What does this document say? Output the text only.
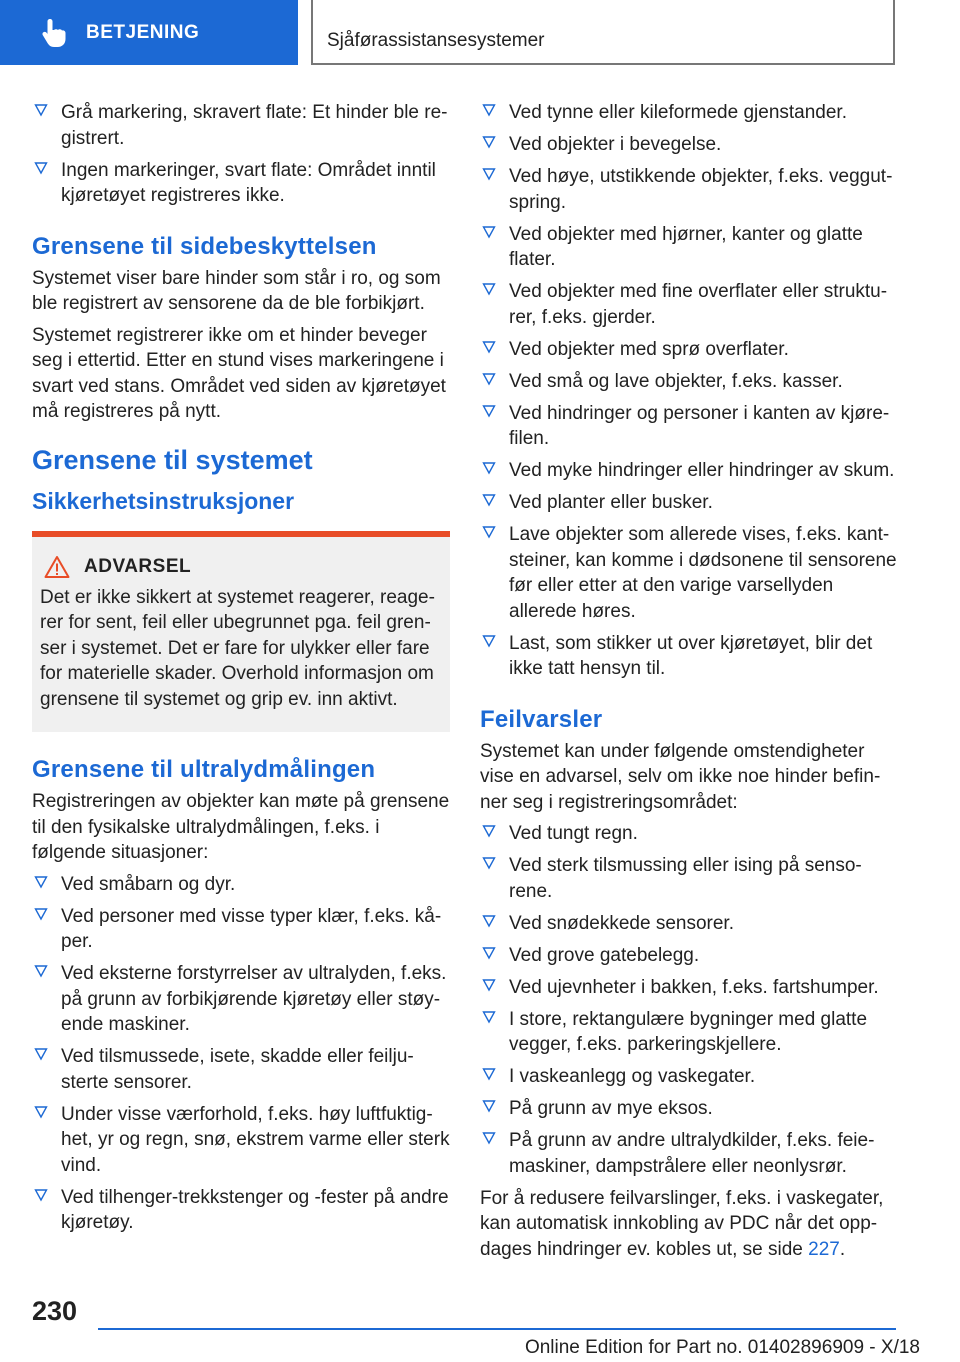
BETJENING	Sjåførassistansesystemer
Grå markering, skravert flate: Et hinder ble registrert.
Ingen markeringer, svart flate: Området inntil kjøretøyet registreres ikke.
Grensene til sidebeskyttelsen

Systemet viser bare hinder som står i ro, og som ble registrert av sensorene da de ble forbikjørt.

Systemet registrerer ikke om et hinder beveger seg i ettertid. Etter en stund vises markeringene i svart ved stans. Området ved siden av kjøretøyet må registreres på nytt.

Grensene til systemet
Sikkerhetsinstruksjoner
ADVARSEL

Det er ikke sikkert at systemet reagerer, reagerer for sent, feil eller ubegrunnet pga. feil grenser i systemet. Det er fare for ulykker eller fare for materielle skader. Overhold informasjon om grensene til systemet og grip ev. inn aktivt.

Grensene til ultralydmålingen

Registreringen av objekter kan møte på grensene til den fysikalske ultralydmålingen, f.eks. i følgende situasjoner:

Ved småbarn og dyr.
Ved personer med visse typer klær, f.eks. kåper.
Ved eksterne forstyrrelser av ultralyden, f.eks. på grunn av forbikjørende kjøretøy eller støyende maskiner.
Ved tilsmussede, isete, skadde eller feiljusterte sensorer.
Under visse værforhold, f.eks. høy luftfuktighet, yr og regn, snø, ekstrem varme eller sterk vind.
Ved tilhenger-trekkstenger og -fester på andre kjøretøy.
Ved tynne eller kileformede gjenstander.
Ved objekter i bevegelse.
Ved høye, utstikkende objekter, f.eks. veggutspring.
Ved objekter med hjørner, kanter og glatte flater.
Ved objekter med fine overflater eller strukturer, f.eks. gjerder.
Ved objekter med sprø overflater.
Ved små og lave objekter, f.eks. kasser.
Ved hindringer og personer i kanten av kjørefilen.
Ved myke hindringer eller hindringer av skum.
Ved planter eller busker.
Lave objekter som allerede vises, f.eks. kantsteiner, kan komme i dødsonene til sensorene før eller etter at den varige varsellyden allerede høres.
Last, som stikker ut over kjøretøyet, blir det ikke tatt hensyn til.
Feilvarsler

Systemet kan under følgende omstendigheter vise en advarsel, selv om ikke noe hinder befinner seg i registreringsområdet:

Ved tungt regn.
Ved sterk tilsmussing eller ising på sensorene.
Ved snødekkede sensorer.
Ved grove gatebelegg.
Ved ujevnheter i bakken, f.eks. fartshumper.
I store, rektangulære bygninger med glatte vegger, f.eks. parkeringskjellere.
I vaskeanlegg og vaskegater.
På grunn av mye eksos.
På grunn av andre ultralydkilder, f.eks. feiemaskiner, dampstrålere eller neonlysrør.

For å redusere feilvarslinger, f.eks. i vaskegater, kan automatisk innkobling av PDC når det oppdages hindringer ev. kobles ut, se side 227.

230
Online Edition for Part no. 01402896909 - X/18
